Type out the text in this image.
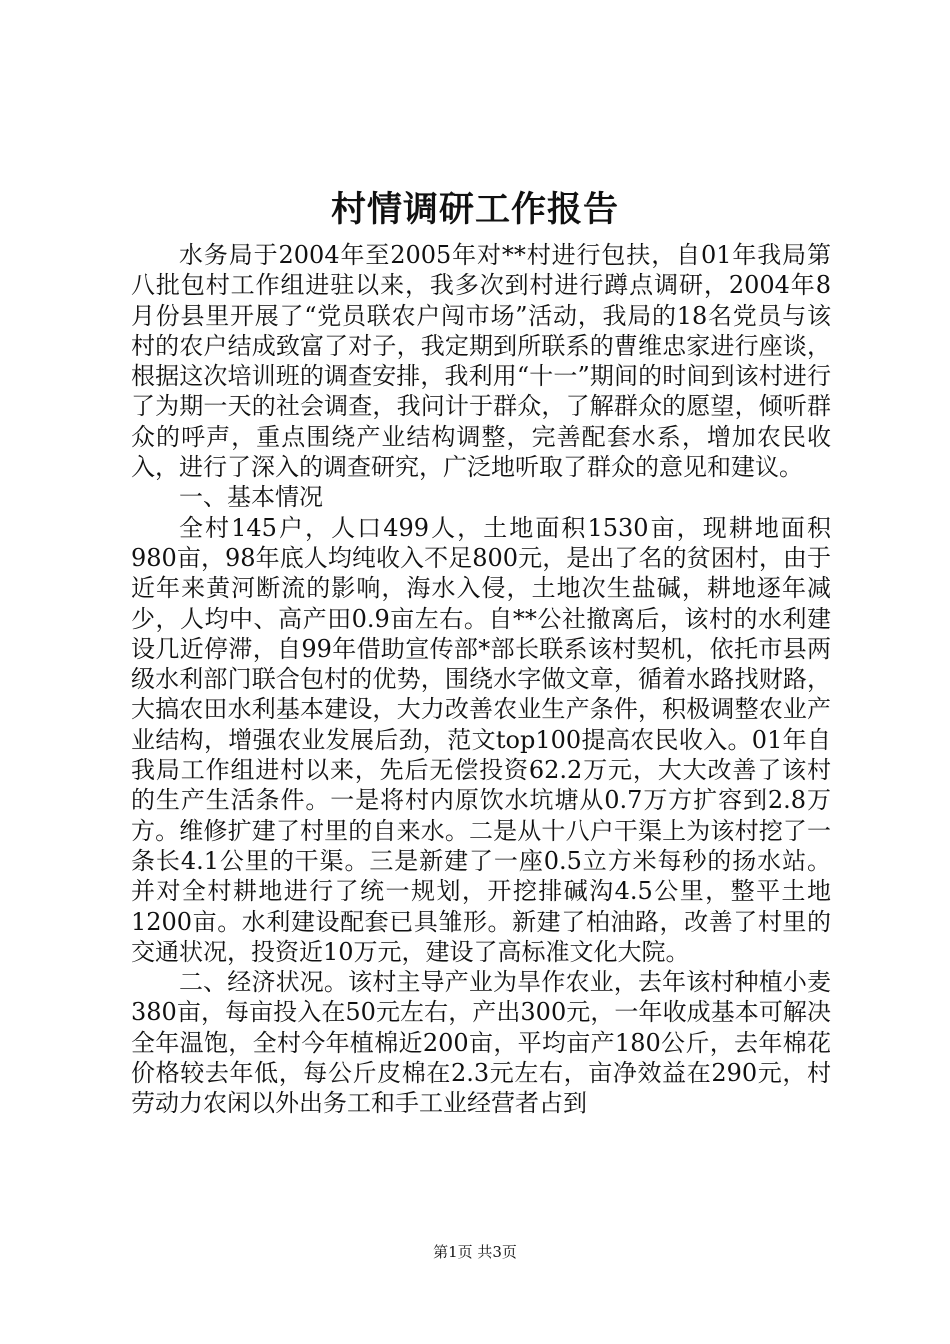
村情调研工作报告

水务局于2004年至2005年对**村进行包扶，自01年我局第八批包村工作组进驻以来，我多次到村进行蹲点调研，2004年8月份县里开展了“党员联农户闯市场”活动，我局的18名党员与该村的农户结成致富了对子，我定期到所联系的曹维忠家进行座谈，根据这次培训班的调查安排，我利用“十一”期间的时间到该村进行了为期一天的社会调查，我问计于群众，了解群众的愿望，倾听群众的呼声，重点围绕产业结构调整，完善配套水系，增加农民收入，进行了深入的调查研究，广泛地听取了群众的意见和建议。

一、基本情况

全村145户，人口499人，土地面积1530亩，现耕地面积980亩，98年底人均纯收入不足800元，是出了名的贫困村，由于近年来黄河断流的影响，海水入侵，土地次生盐碱，耕地逐年减少，人均中、高产田0.9亩左右。自**公社撤离后，该村的水利建设几近停滞，自99年借助宣传部*部长联系该村契机，依托市县两级水利部门联合包村的优势，围绕水字做文章，循着水路找财路，大搞农田水利基本建设，大力改善农业生产条件，积极调整农业产业结构，增强农业发展后劲，范文top100提高农民收入。01年自我局工作组进村以来，先后无偿投资62.2万元，大大改善了该村的生产生活条件。一是将村内原饮水坑塘从0.7万方扩容到2.8万方。维修扩建了村里的自来水。二是从十八户干渠上为该村挖了一条长4.1公里的干渠。三是新建了一座0.5立方米每秒的扬水站。并对全村耕地进行了统一规划，开挖排碱沟4.5公里，整平土地1200亩。水利建设配套已具雏形。新建了柏油路，改善了村里的交通状况，投资近10万元，建设了高标准文化大院。

二、经济状况。该村主导产业为旱作农业，去年该村种植小麦380亩，每亩投入在50元左右，产出300元，一年收成基本可解决全年温饱，全村今年植棉近200亩，平均亩产180公斤，去年棉花价格较去年低，每公斤皮棉在2.3元左右，亩净效益在290元，村劳动力农闲以外出务工和手工业经营者占到

第1页 共3页
